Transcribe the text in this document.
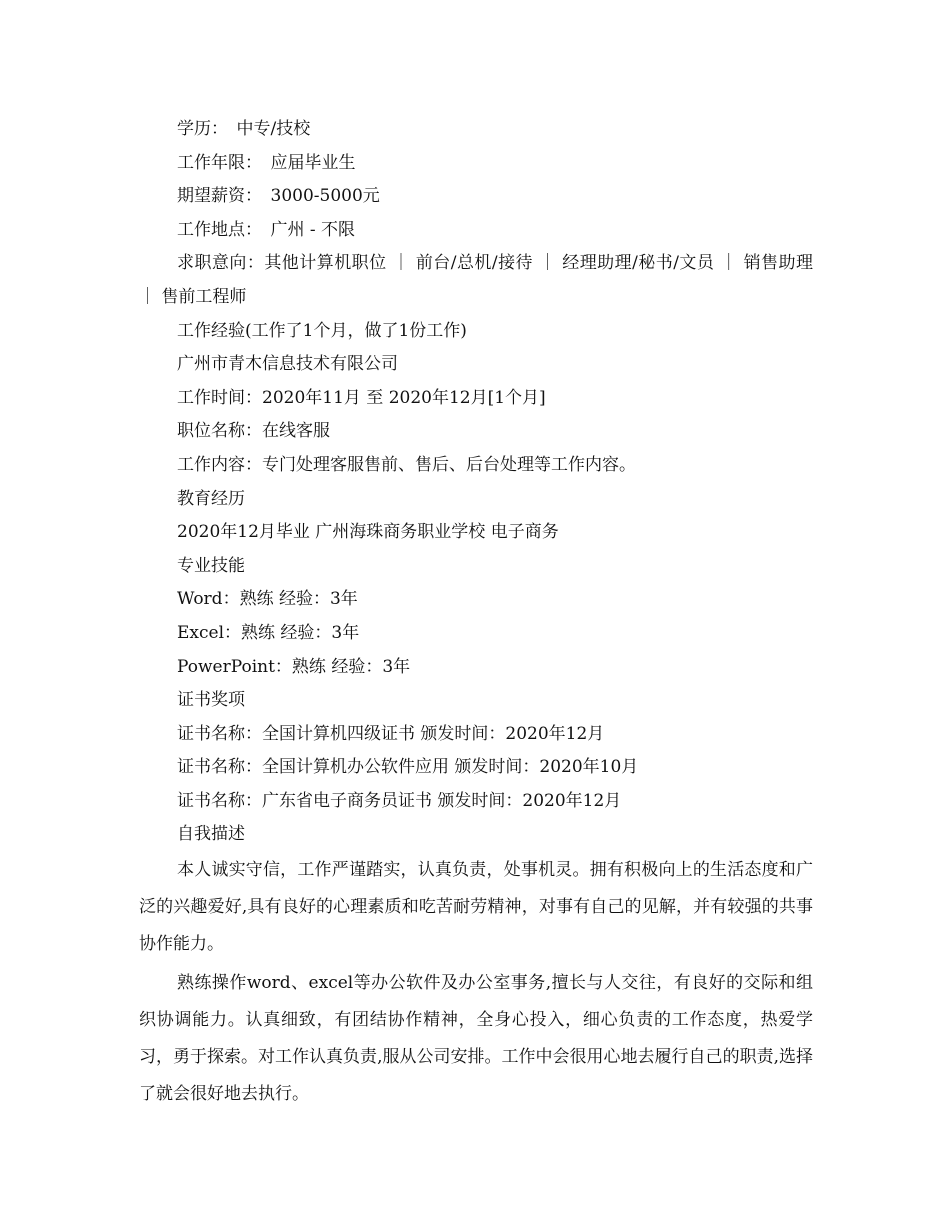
学历：　中专/技校

工作年限：　应届毕业生

期望薪资：　3000-5000元

工作地点：　广州 - 不限

求职意向：其他计算机职位 ｜ 前台/总机/接待 ｜ 经理助理/秘书/文员 ｜ 销售助理 ｜ 售前工程师

工作经验(工作了1个月，做了1份工作)

广州市青木信息技术有限公司

工作时间：2020年11月 至 2020年12月[1个月]

职位名称：在线客服

工作内容：专门处理客服售前、售后、后台处理等工作内容。

教育经历

2020年12月毕业 广州海珠商务职业学校 电子商务

专业技能

Word：熟练 经验：3年

Excel：熟练 经验：3年

PowerPoint：熟练 经验：3年

证书奖项

证书名称：全国计算机四级证书 颁发时间：2020年12月

证书名称：全国计算机办公软件应用 颁发时间：2020年10月

证书名称：广东省电子商务员证书 颁发时间：2020年12月

自我描述

本人诚实守信，工作严谨踏实，认真负责，处事机灵。拥有积极向上的生活态度和广泛的兴趣爱好,具有良好的心理素质和吃苦耐劳精神，对事有自己的见解，并有较强的共事协作能力。

熟练操作word、excel等办公软件及办公室事务,擅长与人交往，有良好的交际和组织协调能力。认真细致，有团结协作精神，全身心投入，细心负责的工作态度，热爱学习，勇于探索。对工作认真负责,服从公司安排。工作中会很用心地去履行自己的职责,选择了就会很好地去执行。
